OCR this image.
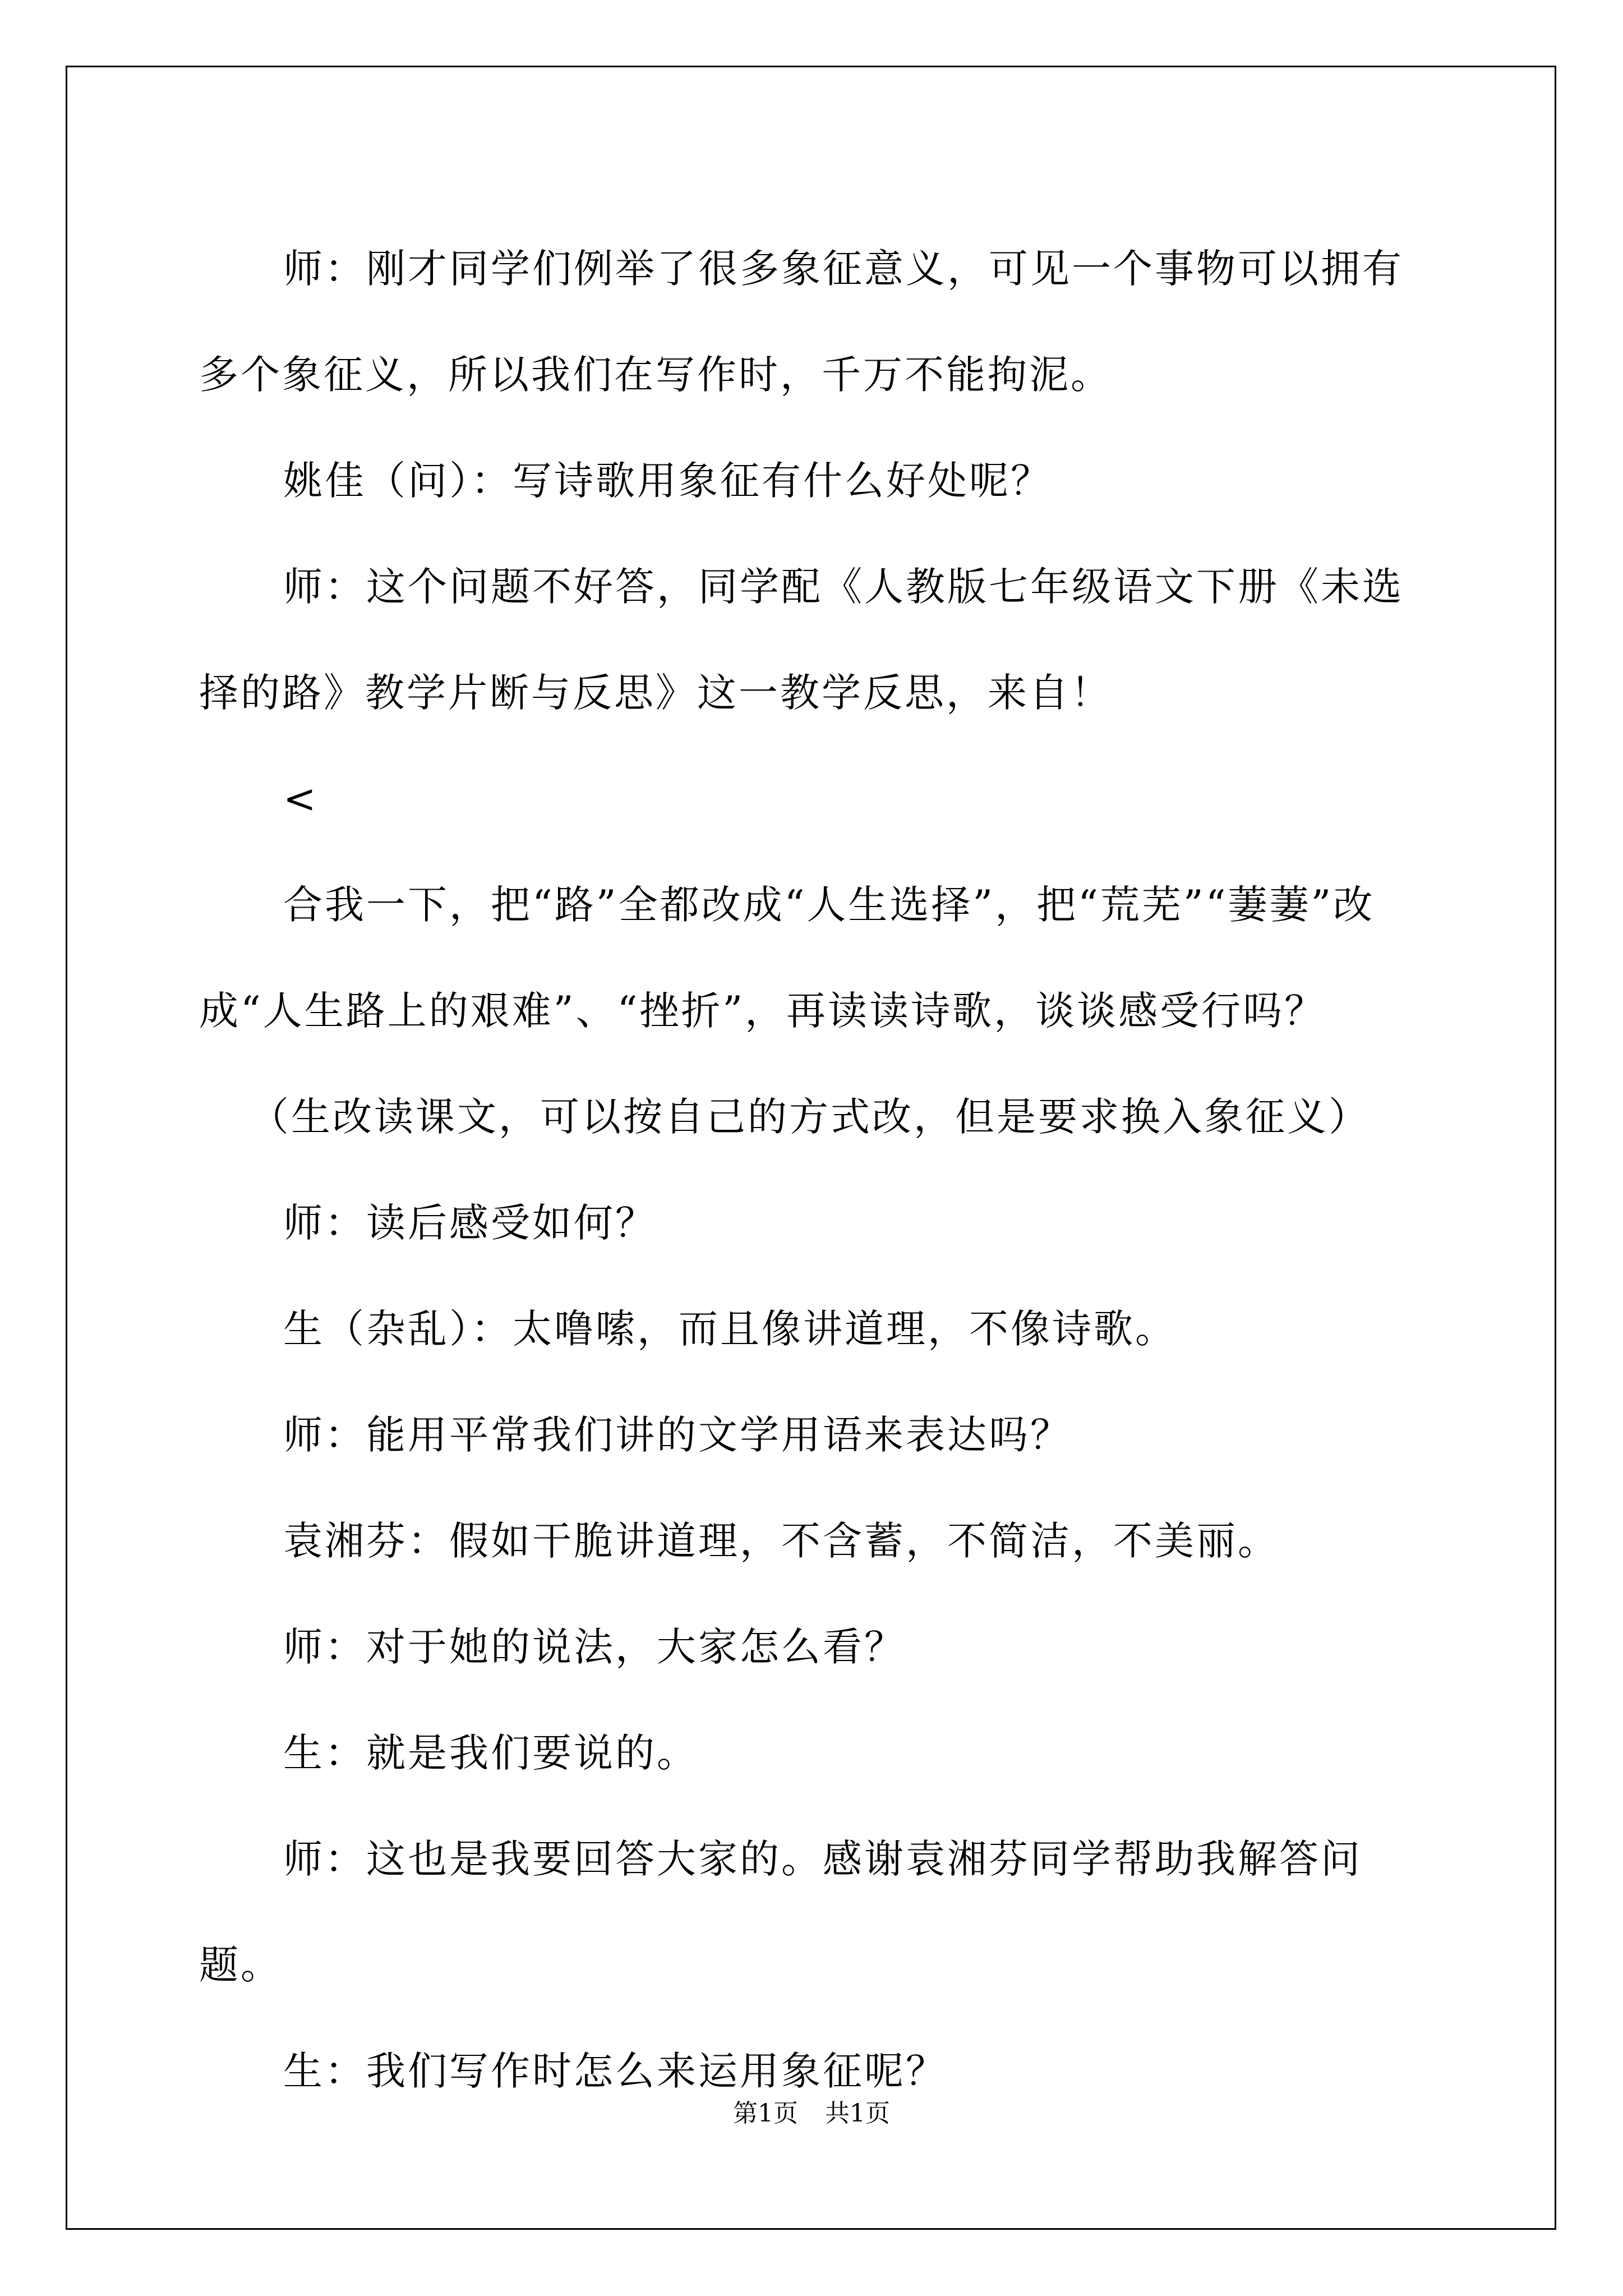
师：刚才同学们例举了很多象征意义，可见一个事物可以拥有多个象征义，所以我们在写作时，千万不能拘泥。

姚佳（问）：写诗歌用象征有什么好处呢？

师：这个问题不好答，同学配《人教版七年级语文下册《未选择的路》教学片断与反思》这一教学反思，来自！

<

合我一下，把“路”全都改成“人生选择”，把“荒芜”“萋萋”改成“人生路上的艰难”、“挫折”，再读读诗歌，谈谈感受行吗？

（生改读课文，可以按自己的方式改，但是要求换入象征义）

师：读后感受如何？

生（杂乱）：太噜嗦，而且像讲道理，不像诗歌。

师：能用平常我们讲的文学用语来表达吗？

袁湘芬：假如干脆讲道理，不含蓄，不简洁，不美丽。

师：对于她的说法，大家怎么看？

生：就是我们要说的。

师：这也是我要回答大家的。感谢袁湘芬同学帮助我解答问题。

生：我们写作时怎么来运用象征呢？

第1页 共1页
